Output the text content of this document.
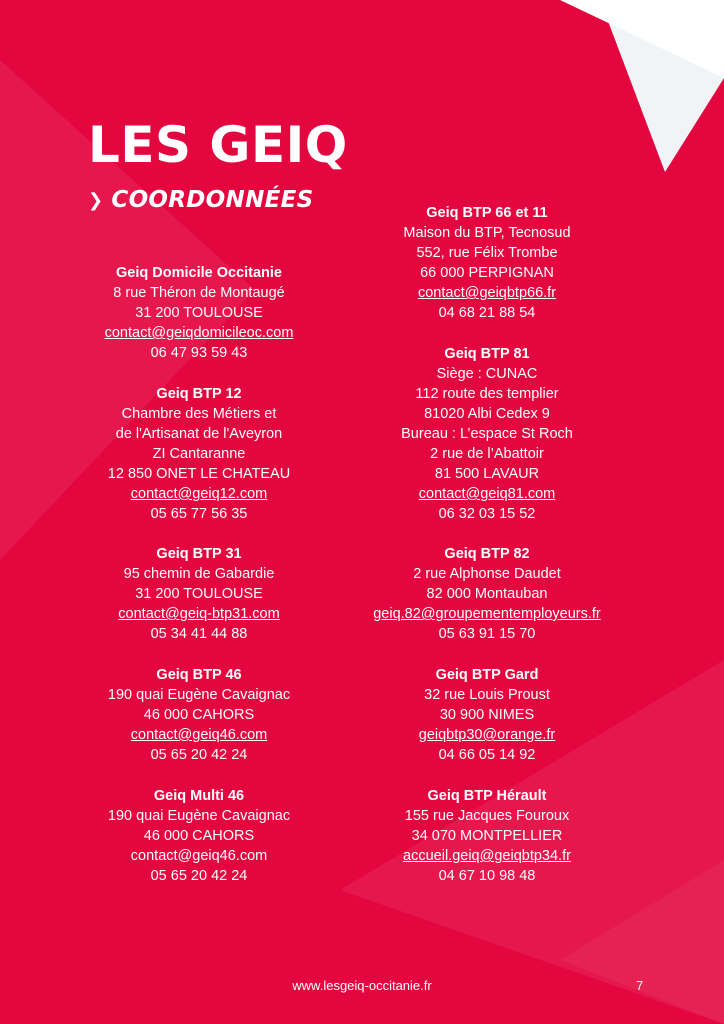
LES GEIQ
❯ COORDONNÉES
Geiq Domicile Occitanie
8 rue Théron de Montaugé
31 200 TOULOUSE
contact@geiqdomicileoc.com
06 47 93 59 43
Geiq BTP 12
Chambre des Métiers et
de l'Artisanat de l'Aveyron
ZI Cantaranne
12 850 ONET LE CHATEAU
contact@geiq12.com
05 65 77 56 35
Geiq BTP 31
95 chemin de Gabardie
31 200 TOULOUSE
contact@geiq-btp31.com
05 34 41 44 88
Geiq BTP 46
190 quai Eugène Cavaignac
46 000 CAHORS
contact@geiq46.com
05 65 20 42 24
Geiq Multi 46
190 quai Eugène Cavaignac
46 000 CAHORS
contact@geiq46.com
05 65 20 42 24
Geiq BTP 66 et 11
Maison du BTP, Tecnosud
552, rue Félix Trombe
66 000 PERPIGNAN
contact@geiqbtp66.fr
04 68 21 88 54
Geiq BTP 81
Siège : CUNAC
112 route des templier
81020 Albi Cedex 9
Bureau : L’espace St Roch
2 rue de l’Abattoir
81 500 LAVAUR
contact@geiq81.com
06 32 03 15 52
Geiq BTP 82
2 rue Alphonse Daudet
82 000 Montauban
geiq.82@groupementemployeurs.fr
05 63 91 15 70
Geiq BTP Gard
32 rue Louis Proust
30 900 NIMES
geiqbtp30@orange.fr
04 66 05 14 92
Geiq BTP Hérault
155 rue Jacques Fouroux
34 070 MONTPELLIER
accueil.geiq@geiqbtp34.fr
04 67 10 98 48
www.lesgeiq-occitanie.fr	7
